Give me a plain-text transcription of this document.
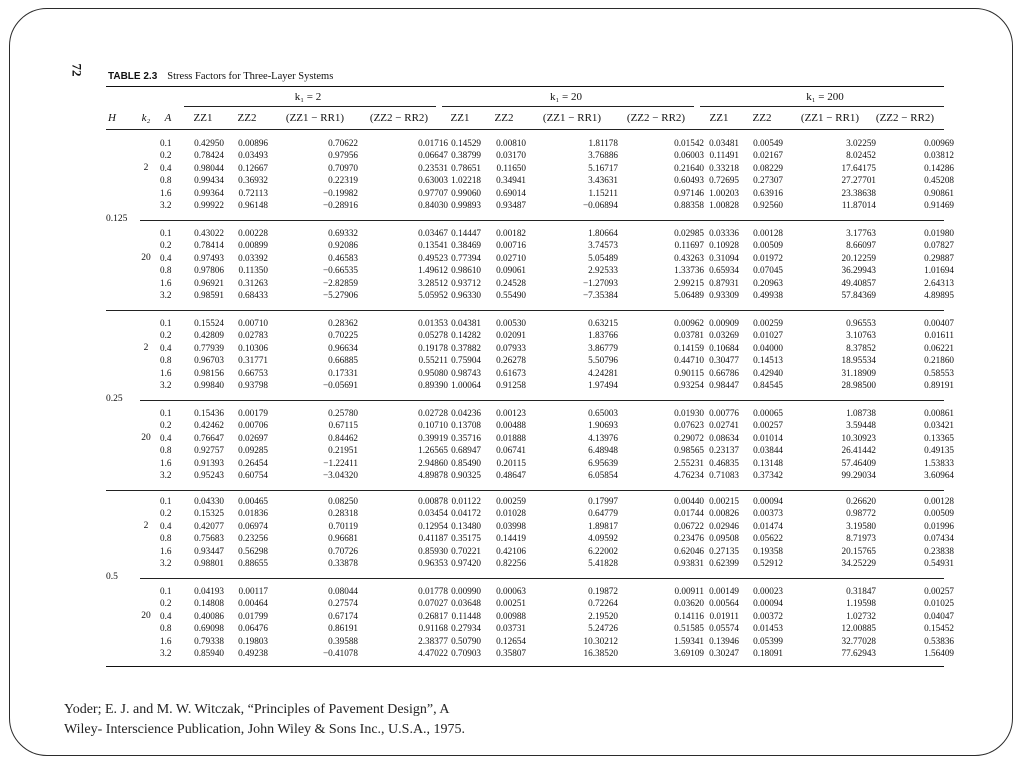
72 TABLE 2.3 Stress Factors for Three-Layer Systems
k₁ = 2	k₁ = 20	k₁ = 200
H k₂ A ZZ1 ZZ2	(ZZ1 − RR1) (ZZ2 − RR2) ZZ1 ZZ2	(ZZ1 − RR1) (ZZ2 − RR2) ZZ1 ZZ2	(ZZ1 − RR1) (ZZ2 − RR2)
0.125
2
0.1	0.42950	0.00896	0.70622	0.01716 0.14529	0.00810	1.81178	0.01542 0.03481	0.00549	3.02259	0.00969
0.2	0.78424	0.03493	0.97956	0.06647 0.38799	0.03170	3.76886	0.06003 0.11491	0.02167	8.02452	0.03812
0.4	0.98044	0.12667	0.70970	0.23531 0.78651	0.11650	5.16717	0.21640 0.33218	0.08229	17.64175	0.14286
0.8	0.99434	0.36932	0.22319	0.63003 1.02218	0.34941	3.43631	0.60493 0.72695	0.27307	27.27701	0.45208
1.6	0.99364	0.72113	−0.19982	0.97707 0.99060	0.69014	1.15211	0.97146 1.00203	0.63916	23.38638	0.90861
3.2	0.99922	0.96148	−0.28916	0.84030 0.99893	0.93487	−0.06894	0.88358 1.00828	0.92560	11.87014	0.91469
20
0.1	0.43022	0.00228	0.69332	0.03467 0.14447	0.00182	1.80664	0.02985 0.03336	0.00128	3.17763	0.01980
0.2	0.78414	0.00899	0.92086	0.13541 0.38469	0.00716	3.74573	0.11697 0.10928	0.00509	8.66097	0.07827
0.4	0.97493	0.03392	0.46583	0.49523 0.77394	0.02710	5.05489	0.43263 0.31094	0.01972	20.12259	0.29887
0.8	0.97806	0.11350	−0.66535	1.49612 0.98610	0.09061	2.92533	1.33736 0.65934	0.07045	36.29943	1.01694
1.6	0.96921	0.31263	−2.82859	3.28512 0.93712	0.24528	−1.27093	2.99215 0.87931	0.20963	49.40857	2.64313
3.2	0.98591	0.68433	−5.27906	5.05952 0.96330	0.55490	−7.35384	5.06489 0.93309	0.49938	57.84369	4.89895
0.25
2
0.1	0.15524	0.00710	0.28362	0.01353 0.04381	0.00530	0.63215	0.00962 0.00909	0.00259	0.96553	0.00407
0.2	0.42809	0.02783	0.70225	0.05278 0.14282	0.02091	1.83766	0.03781 0.03269	0.01027	3.10763	0.01611
0.4	0.77939	0.10306	0.96634	0.19178 0.37882	0.07933	3.86779	0.14159 0.10684	0.04000	8.37852	0.06221
0.8	0.96703	0.31771	0.66885	0.55211 0.75904	0.26278	5.50796	0.44710 0.30477	0.14513	18.95534	0.21860
1.6	0.98156	0.66753	0.17331	0.95080 0.98743	0.61673	4.24281	0.90115 0.66786	0.42940	31.18909	0.58553
3.2	0.99840	0.93798	−0.05691	0.89390 1.00064	0.91258	1.97494	0.93254 0.98447	0.84545	28.98500	0.89191
20
0.1	0.15436	0.00179	0.25780	0.02728 0.04236	0.00123	0.65003	0.01930 0.00776	0.00065	1.08738	0.00861
0.2	0.42462	0.00706	0.67115	0.10710 0.13708	0.00488	1.90693	0.07623 0.02741	0.00257	3.59448	0.03421
0.4	0.76647	0.02697	0.84462	0.39919 0.35716	0.01888	4.13976	0.29072 0.08634	0.01014	10.30923	0.13365
0.8	0.92757	0.09285	0.21951	1.26565 0.68947	0.06741	6.48948	0.98565 0.23137	0.03844	26.41442	0.49135
1.6	0.91393	0.26454	−1.22411	2.94860 0.85490	0.20115	6.95639	2.55231 0.46835	0.13148	57.46409	1.53833
3.2	0.95243	0.60754	−3.04320	4.89878 0.90325	0.48647	6.05854	4.76234 0.71083	0.37342	99.29034	3.60964
0.5
2
0.1	0.04330	0.00465	0.08250	0.00878 0.01122	0.00259	0.17997	0.00440 0.00215	0.00094	0.26620	0.00128
0.2	0.15325	0.01836	0.28318	0.03454 0.04172	0.01028	0.64779	0.01744 0.00826	0.00373	0.98772	0.00509
0.4	0.42077	0.06974	0.70119	0.12954 0.13480	0.03998	1.89817	0.06722 0.02946	0.01474	3.19580	0.01996
0.8	0.75683	0.23256	0.96681	0.41187 0.35175	0.14419	4.09592	0.23476 0.09508	0.05622	8.71973	0.07434
1.6	0.93447	0.56298	0.70726	0.85930 0.70221	0.42106	6.22002	0.62046 0.27135	0.19358	20.15765	0.23838
3.2	0.98801	0.88655	0.33878	0.96353 0.97420	0.82256	5.41828	0.93831 0.62399	0.52912	34.25229	0.54931
20
0.1	0.04193	0.00117	0.08044	0.01778 0.00990	0.00063	0.19872	0.00911 0.00149	0.00023	0.31847	0.00257
0.2	0.14808	0.00464	0.27574	0.07027 0.03648	0.00251	0.72264	0.03620 0.00564	0.00094	1.19598	0.01025
0.4	0.40086	0.01799	0.67174	0.26817 0.11448	0.00988	2.19520	0.14116 0.01911	0.00372	1.02732	0.04047
0.8	0.69098	0.06476	0.86191	0.91168 0.27934	0.03731	5.24726	0.51585 0.05574	0.01453	12.00885	0.15452
1.6	0.79338	0.19803	0.39588	2.38377 0.50790	0.12654	10.30212	1.59341 0.13946	0.05399	32.77028	0.53836
3.2	0.85940	0.49238	−0.41078	4.47022 0.70903	0.35807	16.38520	3.69109 0.30247	0.18091	77.62943	1.56409
Yoder; E. J. and M. W. Witczak, “Principles of Pavement Design”, A
Wiley- Interscience Publication, John Wiley & Sons Inc., U.S.A., 1975.
